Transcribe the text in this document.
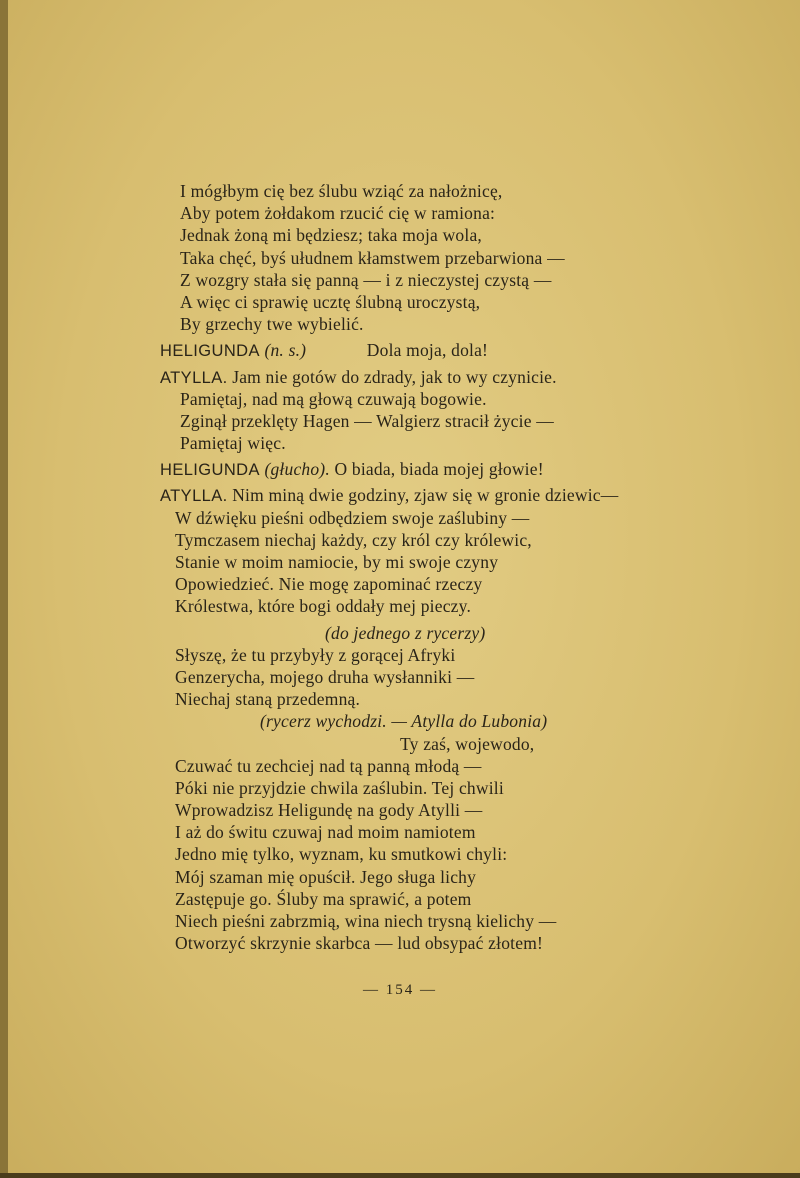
I mógłbym cię bez ślubu wziąć za nałożnicę,
Aby potem żołdakom rzucić cię w ramiona:
Jednak żoną mi będziesz; taka moja wola,
Taka chęć, byś ułudnem kłamstwem przebarwiona —
Z wozgry stała się panną — i z nieczystej czystą —
A więc ci sprawię ucztę ślubną uroczystą,
By grzechy twe wybielić.
HELIGUNDA (n. s.)	Dola moja, dola!
ATYLLA. Jam nie gotów do zdrady, jak to wy czynicie.
Pamiętaj, nad mą głową czuwają bogowie.
Zginął przeklęty Hagen — Walgierz stracił życie —
Pamiętaj więc.
HELIGUNDA (głucho). O biada, biada mojej głowie!
ATYLLA. Nim miną dwie godziny, zjaw się w gronie dziewic—
W dźwięku pieśni odbędziem swoje zaślubiny —
Tymczasem niechaj każdy, czy król czy królewic,
Stanie w moim namiocie, by mi swoje czyny
Opowiedzieć. Nie mogę zapominać rzeczy
Królestwa, które bogi oddały mej pieczy.
(do jednego z rycerzy)
Słyszę, że tu przybyły z gorącej Afryki
Genzerycha, mojego druha wysłanniki —
Niechaj staną przedemną.
(rycerz wychodzi. — Atylla do Lubonia)
Ty zaś, wojewodo,
Czuwać tu zechciej nad tą panną młodą —
Póki nie przyjdzie chwila zaślubin. Tej chwili
Wprowadzisz Heligundę na gody Atylli —
I aż do świtu czuwaj nad moim namiotem
Jedno mię tylko, wyznam, ku smutkowi chyli:
Mój szaman mię opuścił. Jego sługa lichy
Zastępuje go. Śluby ma sprawić, a potem
Niech pieśni zabrzmią, wina niech trysną kielichy —
Otworzyć skrzynie skarbca — lud obsypać złotem!
— 154 —
